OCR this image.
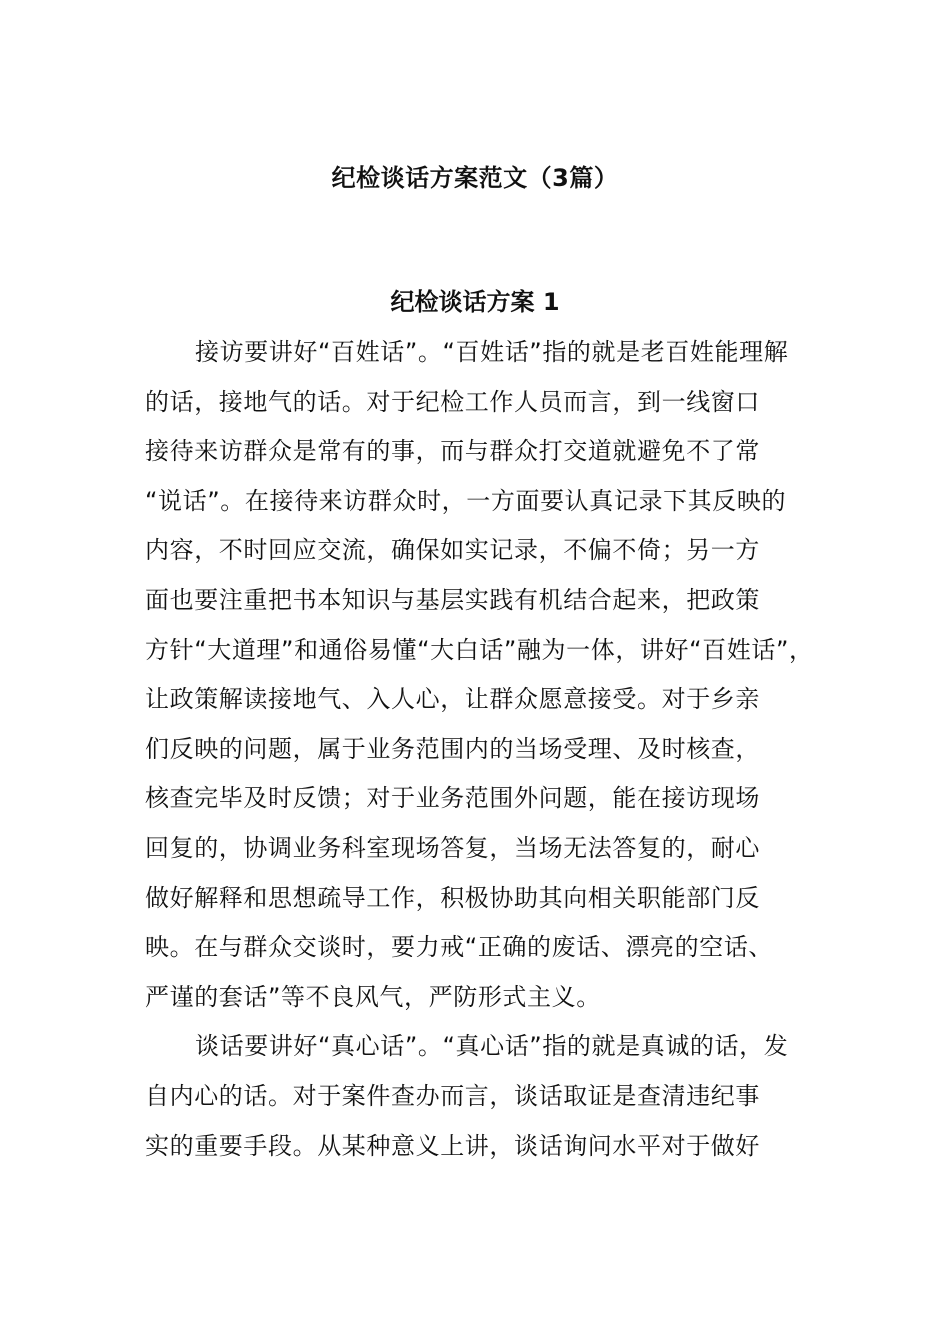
纪检谈话方案范文（3篇）
纪检谈话方案 1
接访要讲好“百姓话”。“百姓话”指的就是老百姓能理解
的话，接地气的话。对于纪检工作人员而言，到一线窗口
接待来访群众是常有的事，而与群众打交道就避免不了常
“说话”。在接待来访群众时，一方面要认真记录下其反映的
内容，不时回应交流，确保如实记录，不偏不倚；另一方
面也要注重把书本知识与基层实践有机结合起来，把政策
方针“大道理”和通俗易懂“大白话”融为一体，讲好“百姓话”，
让政策解读接地气、入人心，让群众愿意接受。对于乡亲
们反映的问题，属于业务范围内的当场受理、及时核查，
核查完毕及时反馈；对于业务范围外问题，能在接访现场
回复的，协调业务科室现场答复，当场无法答复的，耐心
做好解释和思想疏导工作，积极协助其向相关职能部门反
映。在与群众交谈时，要力戒“正确的废话、漂亮的空话、
严谨的套话”等不良风气，严防形式主义。
谈话要讲好“真心话”。“真心话”指的就是真诚的话，发
自内心的话。对于案件查办而言，谈话取证是查清违纪事
实的重要手段。从某种意义上讲，谈话询问水平对于做好
